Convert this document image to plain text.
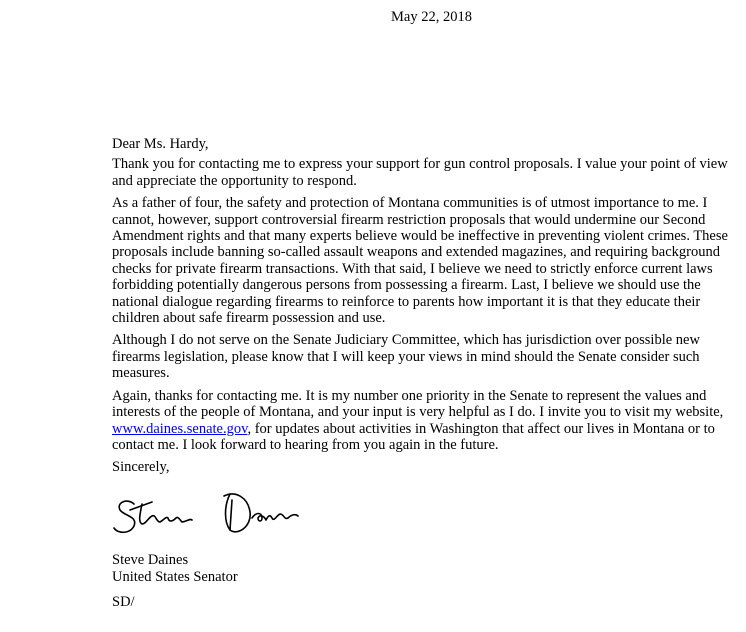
May 22, 2018

Dear Ms. Hardy,

Thank you for contacting me to express your support for gun control proposals. I value your point of view and appreciate the opportunity to respond.

As a father of four, the safety and protection of Montana communities is of utmost importance to me. I cannot, however, support controversial firearm restriction proposals that would undermine our Second Amendment rights and that many experts believe would be ineffective in preventing violent crimes. These proposals include banning so-called assault weapons and extended magazines, and requiring background checks for private firearm transactions. With that said, I believe we need to strictly enforce current laws forbidding potentially dangerous persons from possessing a firearm. Last, I believe we should use the national dialogue regarding firearms to reinforce to parents how important it is that they educate their children about safe firearm possession and use.

Although I do not serve on the Senate Judiciary Committee, which has jurisdiction over possible new firearms legislation, please know that I will keep your views in mind should the Senate consider such measures.

Again, thanks for contacting me. It is my number one priority in the Senate to represent the values and interests of the people of Montana, and your input is very helpful as I do. I invite you to visit my website, www.daines.senate.gov, for updates about activities in Washington that affect our lives in Montana or to contact me. I look forward to hearing from you again in the future.

Sincerely,

Steve Daines
United States Senator
SD/
